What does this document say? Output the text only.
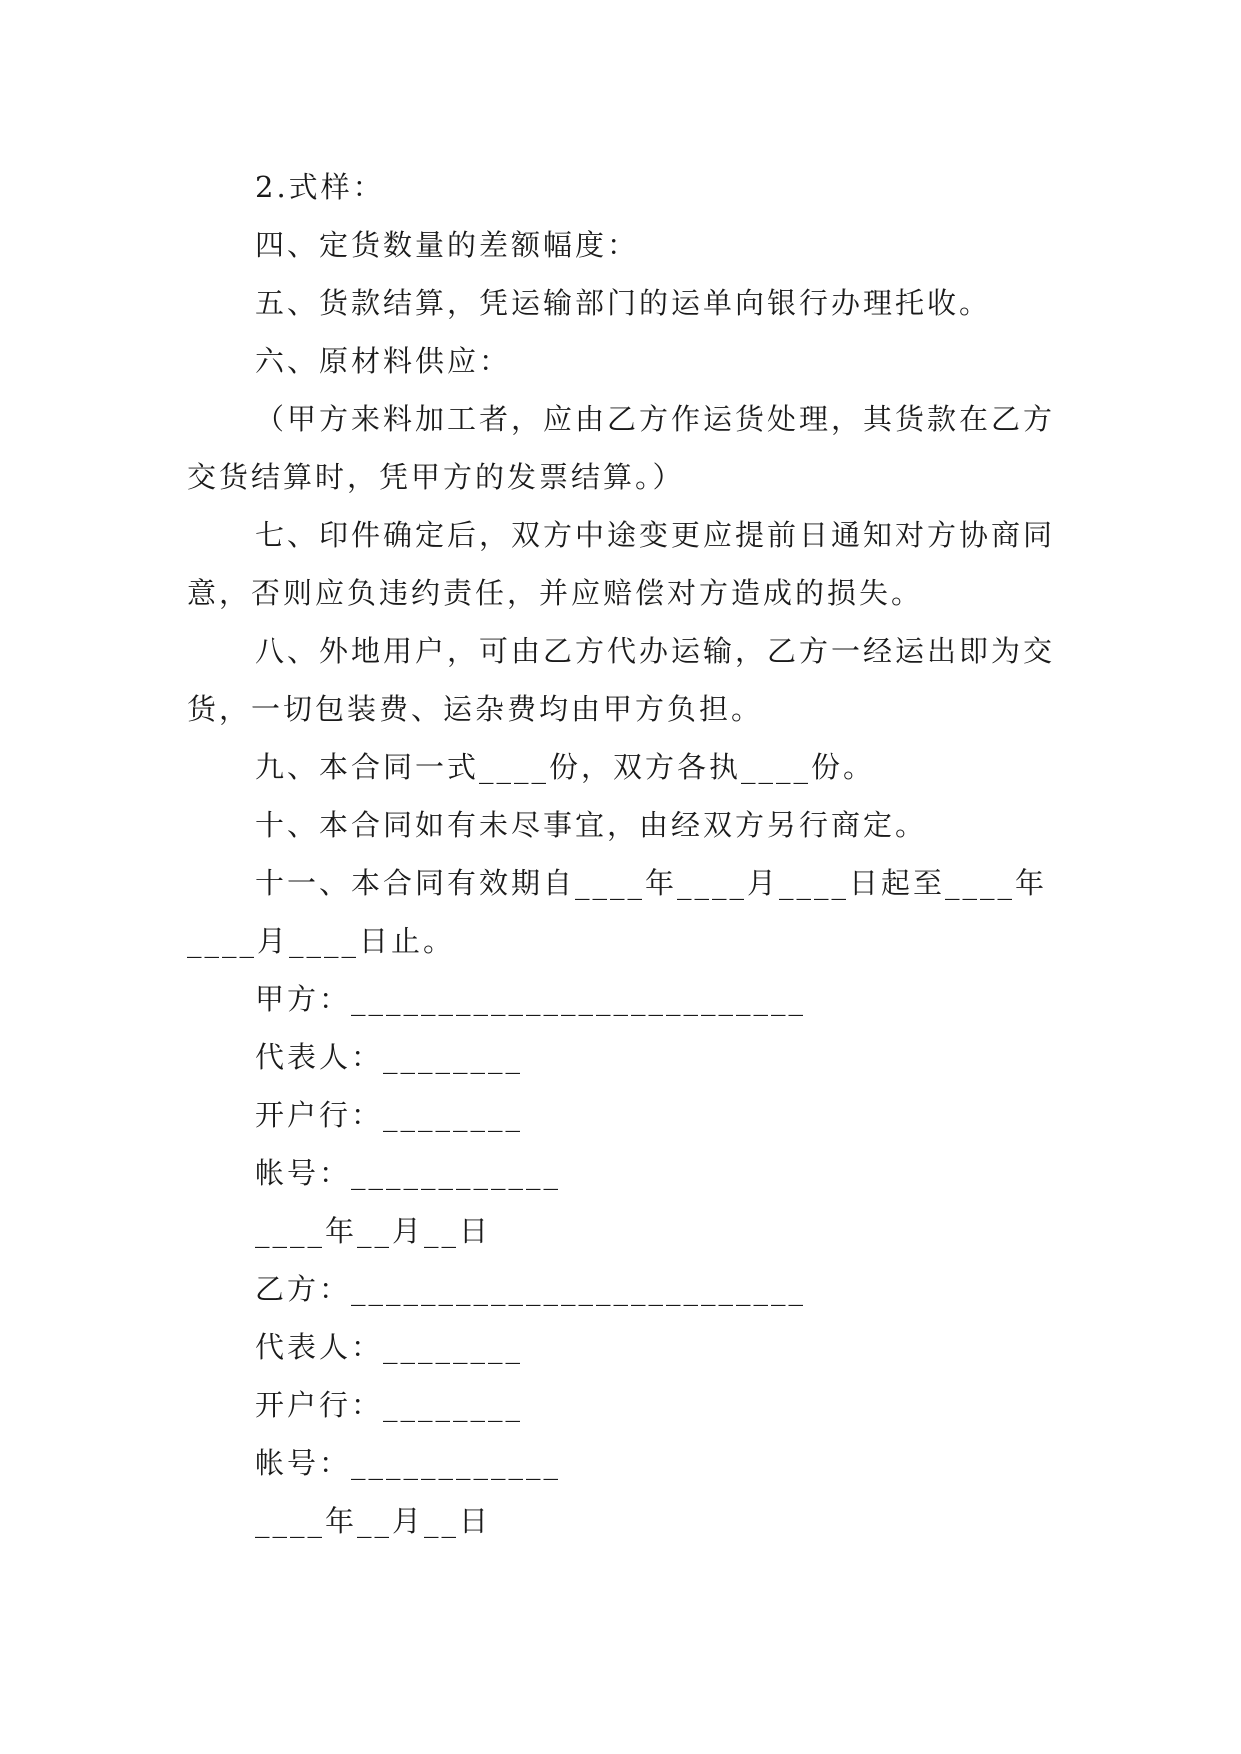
2.式样：

四、定货数量的差额幅度：

五、货款结算，凭运输部门的运单向银行办理托收。

六、原材料供应：

（甲方来料加工者，应由乙方作运货处理，其货款在乙方交货结算时，凭甲方的发票结算。）

七、印件确定后，双方中途变更应提前日通知对方协商同意，否则应负违约责任，并应赔偿对方造成的损失。

八、外地用户，可由乙方代办运输，乙方一经运出即为交货，一切包装费、运杂费均由甲方负担。

九、本合同一式____份，双方各执____份。

十、本合同如有未尽事宜，由经双方另行商定。

十一、本合同有效期自____年____月____日起至____年____月____日止。

甲方：__________________________

代表人：________

开户行：________

帐号：____________

____年__月__日

乙方：__________________________

代表人：________

开户行：________

帐号：____________

____年__月__日
